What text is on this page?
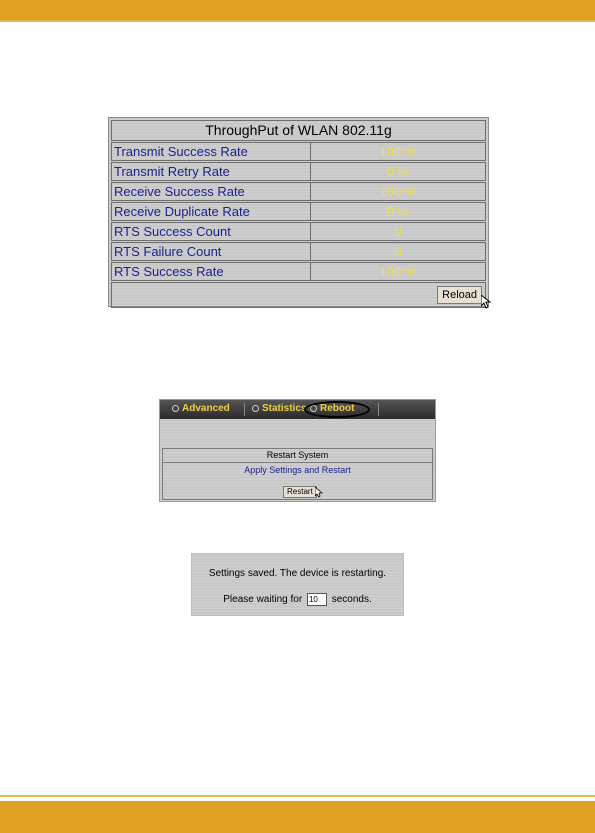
ThroughPut of WLAN 802.11g
Transmit Success Rate	100 %
Transmit Retry Rate	0 %
Receive Success Rate	100 %
Receive Duplicate Rate	0 %
RTS Success Count	0
RTS Failure Count	0
RTS Success Rate	100 %
Reload
Advanced	Statistics Reboot
Restart System
Apply Settings and Restart
Restart
Settings saved. The device is restarting.
Please waiting for 10 seconds.
